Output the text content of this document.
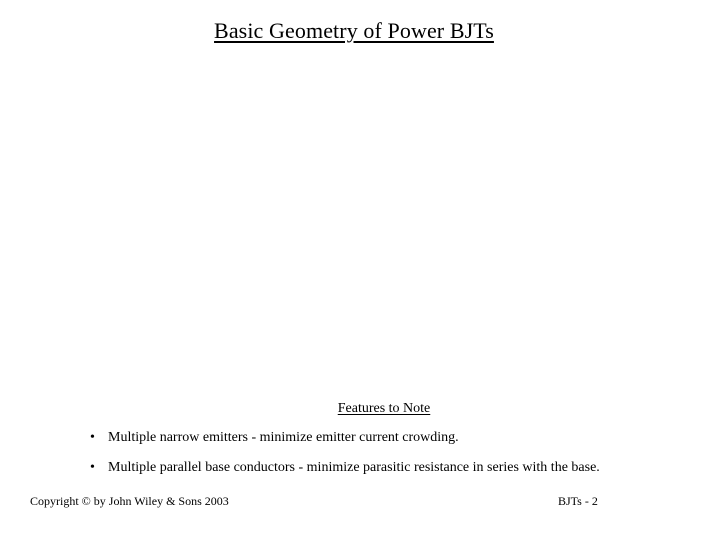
Basic Geometry of Power BJTs
Features to Note
• Multiple narrow emitters - minimize emitter current crowding.
• Multiple parallel base conductors - minimize parasitic resistance in series with the base.
Copyright © by John Wiley & Sons 2003	BJTs - 2
